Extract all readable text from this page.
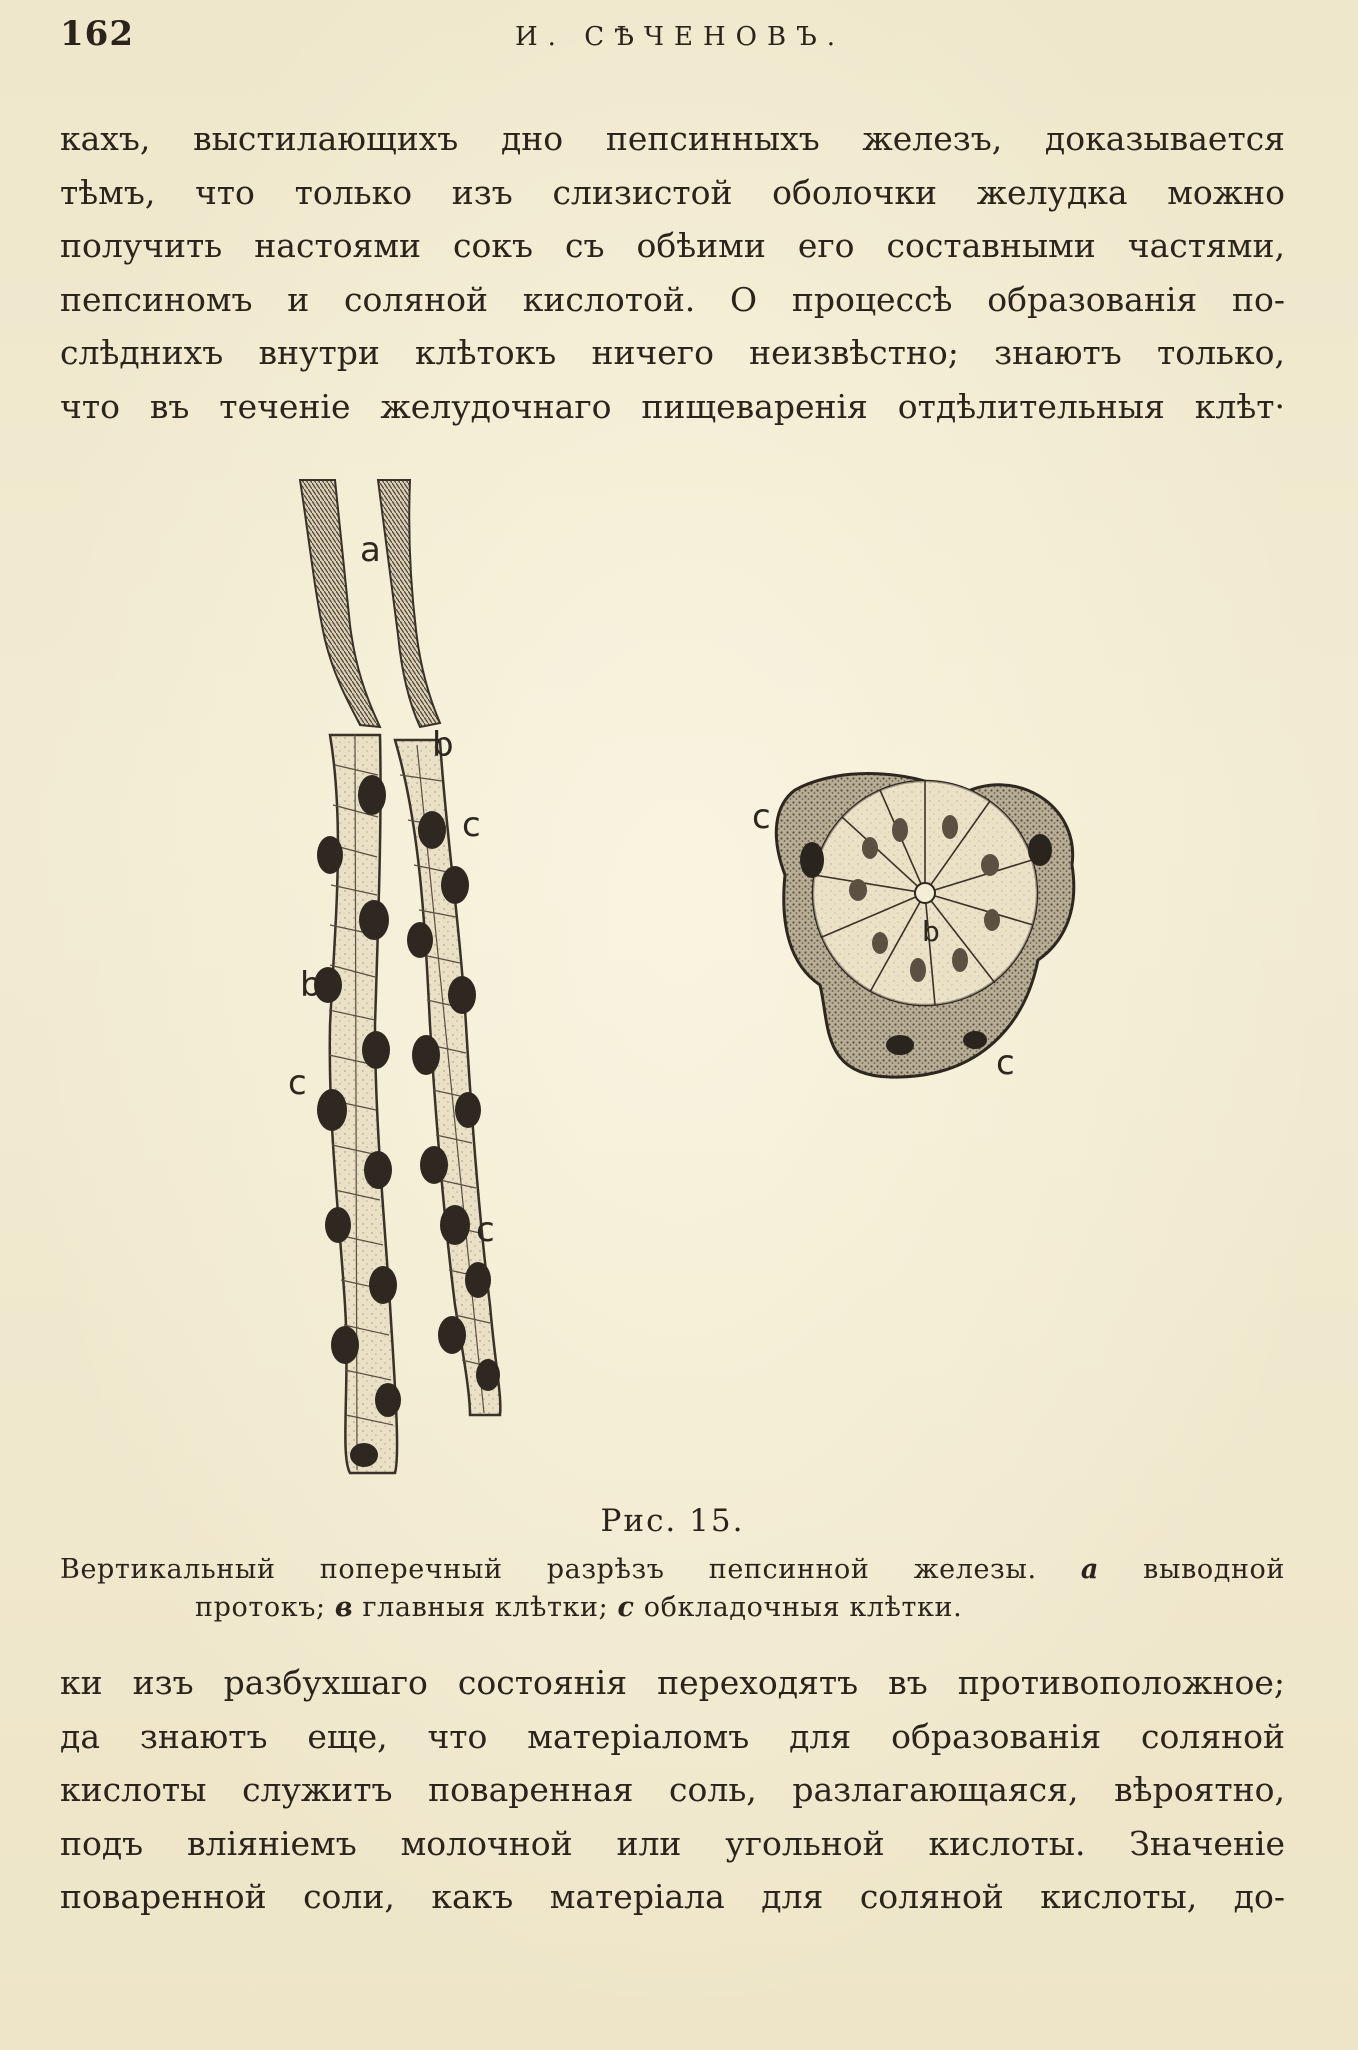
162	И. СѢЧЕНОВЪ.
кахъ, выстилающихъ дно пепсинныхъ железъ, доказывается
тѣмъ, что только изъ слизистой оболочки желудка можно
получить настоями сокъ съ обѣими его составными частями,
пепсиномъ и соляной кислотой. О процессѣ образованія по-
слѣднихъ внутри клѣтокъ ничего неизвѣстно; знаютъ только,
что въ теченіе желудочнаго пищеваренія отдѣлительныя клѣт·
a
b
c
b
c
c
c
b
c
Рис. 15.
Вертикальный поперечный разрѣзъ пепсинной железы. a выводной
протокъ; в главныя клѣтки; c обкладочныя клѣтки.
ки изъ разбухшаго состоянія переходятъ въ противоположное;
да знаютъ еще, что матеріаломъ для образованія соляной
кислоты служитъ поваренная соль, разлагающаяся, вѣроятно,
подъ вліяніемъ молочной или угольной кислоты. Значеніе
поваренной соли, какъ матеріала для соляной кислоты, до-
